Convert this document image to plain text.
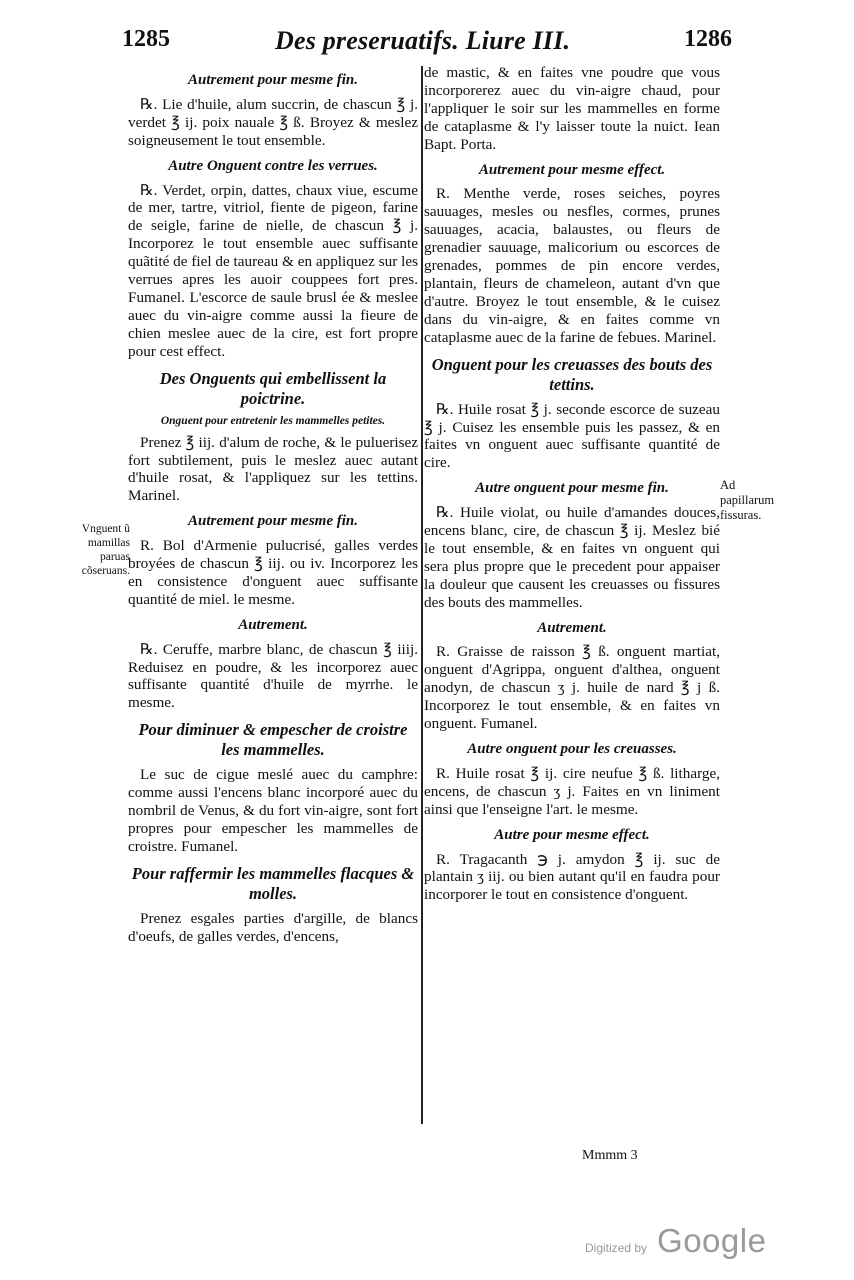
1285	Des preseruatifs. Liure III.	1286
Autrement pour mesme fin.
℞. Lie d'huile, alum succrin, de chascun ℥ j. verdet ℥ ij. poix nauale ℥ ß. Broyez & meslez soigneusement le tout ensemble.
Autre Onguent contre les verrues.
℞. Verdet, orpin, dattes, chaux viue, escume de mer, tartre, vitriol, fiente de pigeon, farine de seigle, farine de nielle, de chascun ℥ j. Incorporez le tout ensemble auec suffisante quãtité de fiel de taureau & en appliquez sur les verrues apres les auoir couppees fort pres. Fumanel. L'escorce de saule brusl ée & meslee auec du vin-aigre comme aussi la fieure de chien meslee auec de la cire, est fort propre pour cest effect.
Des Onguents qui embellissent la poictrine.
Onguent pour entretenir les mammelles petites.
Prenez ℥ iij. d'alum de roche, & le puluerisez fort subtilement, puis le meslez auec autant d'huile rosat, & l'appliquez sur les tettins. Marinel.
Autrement pour mesme fin.
R. Bol d'Armenie pulucrisé, galles verdes broyées de chascun ℥ iij. ou iv. Incorporez les en consistence d'onguent auec suffisante quantité de miel. le mesme.
Autrement.
℞. Ceruffe, marbre blanc, de chascun ℥ iiij. Reduisez en poudre, & les incorporez auec suffisante quantité d'huile de myrrhe. le mesme.
Pour diminuer & empescher de croistre les mammelles.
Le suc de cigue meslé auec du camphre: comme aussi l'encens blanc incorporé auec du nombril de Venus, & du fort vin-aigre, sont fort propres pour empescher les mammelles de croistre. Fumanel.
Pour raffermir les mammelles flacques & molles.
Prenez esgales parties d'argille, de blancs d'oeufs, de galles verdes, d'encens,
de mastic, & en faites vne poudre que vous incorporerez auec du vin-aigre chaud, pour l'appliquer le soir sur les mammelles en forme de cataplasme & l'y laisser toute la nuict. Iean Bapt. Porta.
Autrement pour mesme effect.
R. Menthe verde, roses seiches, poyres sauuages, mesles ou nesfles, cormes, prunes sauuages, acacia, balaustes, ou fleurs de grenadier sauuage, malicorium ou escorces de grenades, pommes de pin encore verdes, plantain, fleurs de chameleon, autant d'vn que d'autre. Broyez le tout ensemble, & le cuisez dans du vin-aigre, & en faites comme vn cataplasme auec de la farine de febues. Marinel.
Onguent pour les creuasses des bouts des tettins.
℞. Huile rosat ℥ j. seconde escorce de suzeau ℥ j. Cuisez les ensemble puis les passez, & en faites vn onguent auec suffisante quantité de cire.
Autre onguent pour mesme fin.
℞. Huile violat, ou huile d'amandes douces, encens blanc, cire, de chascun ℥ ij. Meslez bié le tout ensemble, & en faites vn onguent qui sera plus propre que le precedent pour appaiser la douleur que causent les creuasses ou fissures des bouts des mammelles.
Autrement.
R. Graisse de raisson ℥ ß. onguent martiat, onguent d'Agrippa, onguent d'althea, onguent anodyn, de chascun ʒ j. huile de nard ℥ j ß. Incorporez le tout ensemble, & en faites vn onguent. Fumanel.
Autre onguent pour les creuasses.
R. Huile rosat ℥ ij. cire neufue ℥ ß. litharge, encens, de chascun ʒ j. Faites en vn liniment ainsi que l'enseigne l'art. le mesme.
Autre pour mesme effect.
R. Tragacanth ℈ j. amydon ℥ ij. suc de plantain ʒ iij. ou bien autant qu'il en faudra pour incorporer le tout en consistence d'onguent.
Vnguent ũ mamillas paruas cõseruans.
Ad papillarum fissuras.
Mmmm 3
Digitized by Google
